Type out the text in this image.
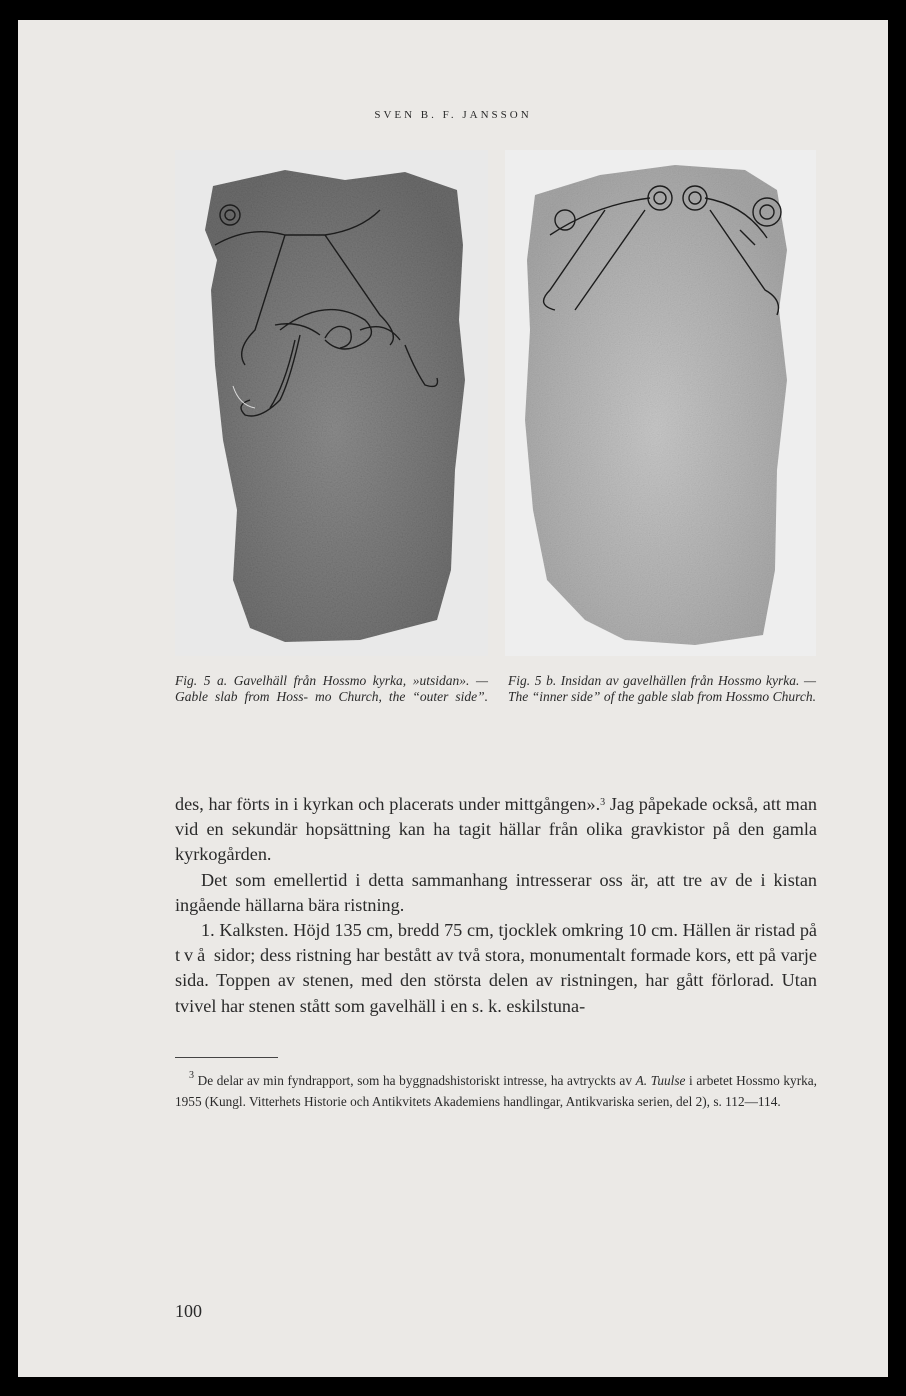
SVEN B. F. JANSSON
Fig. 5 a. Gavelhäll från Hossmo kyrka, »utsidan». — Gable slab from Hoss- mo Church, the “outer side”.
Fig. 5 b. Insidan av gavelhällen från Hossmo kyrka. — The “inner side” of the gable slab from Hossmo Church.

des, har förts in i kyrkan och placerats under mittgången».$^3$ Jag påpekade också, att man vid en sekundär hopsättning kan ha tagit hällar från olika gravkistor på den gamla kyrkogården.

Det som emellertid i detta sammanhang intresserar oss är, att tre av de i kistan ingående hällarna bära ristning.

1. Kalksten. Höjd 135 cm, bredd 75 cm, tjocklek omkring 10 cm. Hällen är ristad på två sidor; dess ristning har bestått av två stora, monumentalt formade kors, ett på varje sida. Toppen av stenen, med den största delen av ristningen, har gått förlorad. Utan tvivel har stenen stått som gavelhäll i en s. k. eskilstuna-

$^3$ De delar av min fyndrapport, som ha byggnadshistoriskt intresse, ha avtryckts av A. Tuulse i arbetet Hossmo kyrka, 1955 (Kungl. Vitterhets Historie och Antikvitets Akademiens handlingar, Antikvariska serien, del 2), s. 112—114.

100
